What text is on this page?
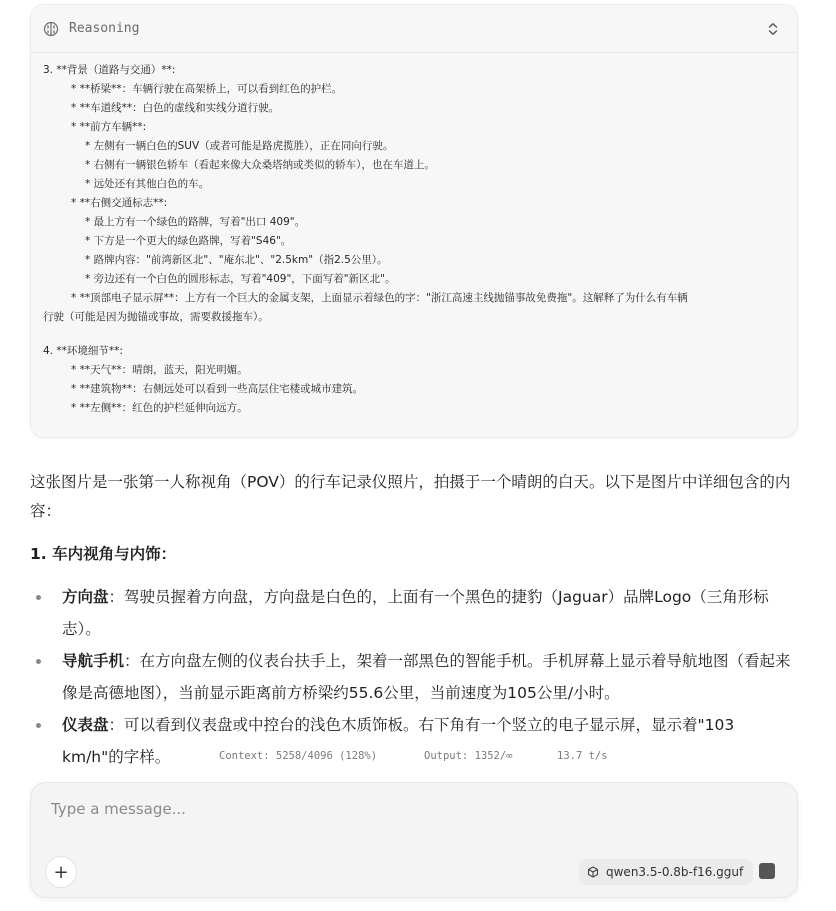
Reasoning
3. **背景（道路与交通）**:
* **桥梁**：车辆行驶在高架桥上，可以看到红色的护栏。
* **车道线**：白色的虚线和实线分道行驶。
* **前方车辆**:
* 左侧有一辆白色的SUV（或者可能是路虎揽胜），正在同向行驶。
* 右侧有一辆银色轿车（看起来像大众桑塔纳或类似的轿车），也在车道上。
* 远处还有其他白色的车。
* **右侧交通标志**:
* 最上方有一个绿色的路牌，写着"出口 409"。
* 下方是一个更大的绿色路牌，写着"S46"。
* 路牌内容："前湾新区北"、"庵东北"、"2.5km"（指2.5公里）。
* 旁边还有一个白色的圆形标志，写着"409"，下面写着"新区北"。
* **顶部电子显示屏**：上方有一个巨大的金属支架，上面显示着绿色的字："浙江高速主线抛锚事故免费拖"。这解释了为什么有车辆
行驶（可能是因为抛锚或事故，需要救援拖车）。
4. **环境细节**:
* **天气**：晴朗，蓝天，阳光明媚。
* **建筑物**：右侧远处可以看到一些高层住宅楼或城市建筑。
* **左侧**：红色的护栏延伸向远方。

这张图片是一张第一人称视角（POV）的行车记录仪照片，拍摄于一个晴朗的白天。以下是图片中详细包含的内容：

1. 车内视角与内饰：

方向盘：驾驶员握着方向盘，方向盘是白色的，上面有一个黑色的捷豹（Jaguar）品牌Logo（三角形标志）。
导航手机：在方向盘左侧的仪表台扶手上，架着一部黑色的智能手机。手机屏幕上显示着导航地图（看起来像是高德地图），当前显示距离前方桥梁约55.6公里，当前速度为105公里/小时。
仪表盘：可以看到仪表盘或中控台的浅色木质饰板。右下角有一个竖立的电子显示屏，显示着"103 km/h"的字样。	Context: 5258/4096 (128%)	Output: 1352/∞	13.7 t/s
Type a message...
+	qwen3.5-0.8b-f16.gguf
